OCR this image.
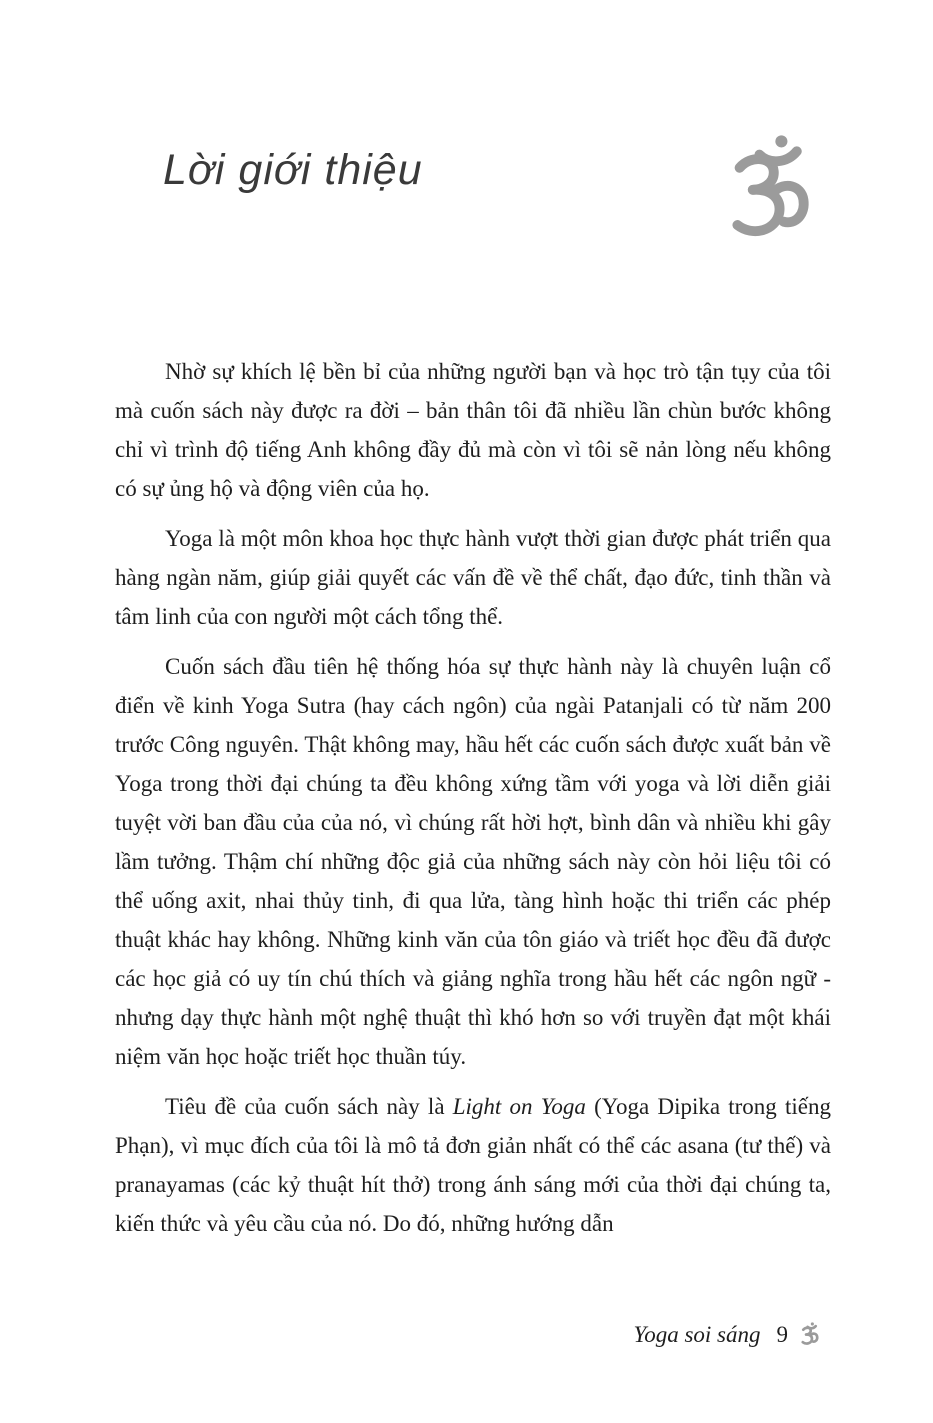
Lời giới thiệu

Nhờ sự khích lệ bền bỉ của những người bạn và học trò tận tụy của tôi mà cuốn sách này được ra đời – bản thân tôi đã nhiều lần chùn bước không chỉ vì trình độ tiếng Anh không đầy đủ mà còn vì tôi sẽ nản lòng nếu không có sự ủng hộ và động viên của họ.

Yoga là một môn khoa học thực hành vượt thời gian được phát triển qua hàng ngàn năm, giúp giải quyết các vấn đề về thể chất, đạo đức, tinh thần và tâm linh của con người một cách tổng thể.

Cuốn sách đầu tiên hệ thống hóa sự thực hành này là chuyên luận cổ điển về kinh Yoga Sutra (hay cách ngôn) của ngài Patanjali có từ năm 200 trước Công nguyên. Thật không may, hầu hết các cuốn sách được xuất bản về Yoga trong thời đại chúng ta đều không xứng tầm với yoga và lời diễn giải tuyệt vời ban đầu của của nó, vì chúng rất hời hợt, bình dân và nhiều khi gây lầm tưởng. Thậm chí những độc giả của những sách này còn hỏi liệu tôi có thể uống axit, nhai thủy tinh, đi qua lửa, tàng hình hoặc thi triển các phép thuật khác hay không. Những kinh văn của tôn giáo và triết học đều đã được các học giả có uy tín chú thích và giảng nghĩa trong hầu hết các ngôn ngữ - nhưng dạy thực hành một nghệ thuật thì khó hơn so với truyền đạt một khái niệm văn học hoặc triết học thuần túy.

Tiêu đề của cuốn sách này là Light on Yoga (Yoga Dipika trong tiếng Phạn), vì mục đích của tôi là mô tả đơn giản nhất có thể các asana (tư thế) và pranayamas (các kỷ thuật hít thở) trong ánh sáng mới của thời đại chúng ta, kiến thức và yêu cầu của nó. Do đó, những hướng dẫn

Yoga soi sáng 9
